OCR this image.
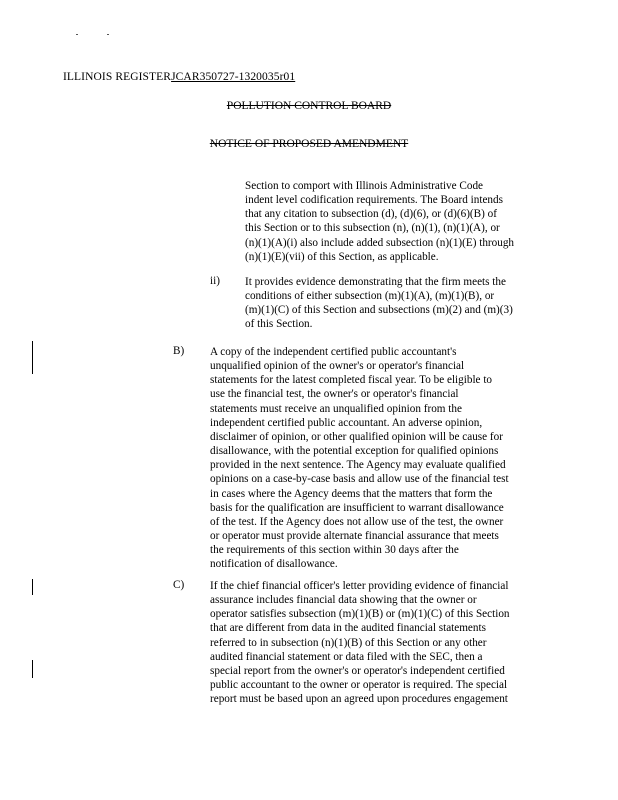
ILLINOIS REGISTERJCAR350727-1320035r01
POLLUTION CONTROL BOARD
NOTICE OF PROPOSED AMENDMENT
Section to comport with Illinois Administrative Code
indent level codification requirements. The Board intends
that any citation to subsection (d), (d)(6), or (d)(6)(B) of
this Section or to this subsection (n), (n)(1), (n)(1)(A), or
(n)(1)(A)(i) also include added subsection (n)(1)(E) through
(n)(1)(E)(vii) of this Section, as applicable.
ii) It provides evidence demonstrating that the firm meets the
conditions of either subsection (m)(1)(A), (m)(1)(B), or
(m)(1)(C) of this Section and subsections (m)(2) and (m)(3)
of this Section.
B) A copy of the independent certified public accountant's
unqualified opinion of the owner's or operator's financial
statements for the latest completed fiscal year. To be eligible to
use the financial test, the owner's or operator's financial
statements must receive an unqualified opinion from the
independent certified public accountant. An adverse opinion,
disclaimer of opinion, or other qualified opinion will be cause for
disallowance, with the potential exception for qualified opinions
provided in the next sentence. The Agency may evaluate qualified
opinions on a case-by-case basis and allow use of the financial test
in cases where the Agency deems that the matters that form the
basis for the qualification are insufficient to warrant disallowance
of the test. If the Agency does not allow use of the test, the owner
or operator must provide alternate financial assurance that meets
the requirements of this section within 30 days after the
notification of disallowance.
C) If the chief financial officer's letter providing evidence of financial
assurance includes financial data showing that the owner or
operator satisfies subsection (m)(1)(B) or (m)(1)(C) of this Section
that are different from data in the audited financial statements
referred to in subsection (n)(1)(B) of this Section or any other
audited financial statement or data filed with the SEC, then a
special report from the owner's or operator's independent certified
public accountant to the owner or operator is required. The special
report must be based upon an agreed upon procedures engagement
